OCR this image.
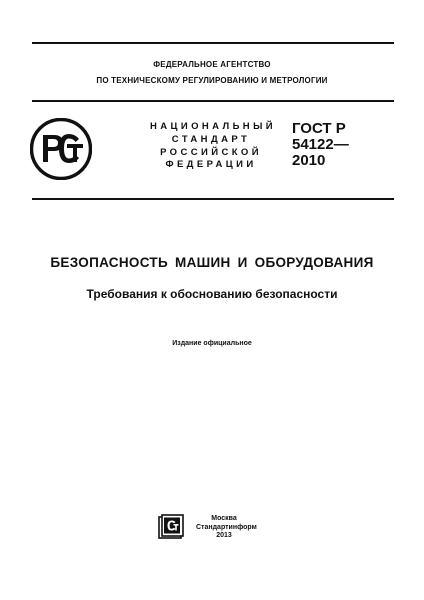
ФЕДЕРАЛЬНОЕ АГЕНТСТВО
ПО ТЕХНИЧЕСКОМУ РЕГУЛИРОВАНИЮ И МЕТРОЛОГИИ
НАЦИОНАЛЬНЫЙ
СТАНДАРТ
РОССИЙСКОЙ
ФЕДЕРАЦИИ
ГОСТ Р
54122—
2010
БЕЗОПАСНОСТЬ МАШИН И ОБОРУДОВАНИЯ
Требования к обоснованию безопасности
Издание официальное
Москва
Стандартинформ
2013
